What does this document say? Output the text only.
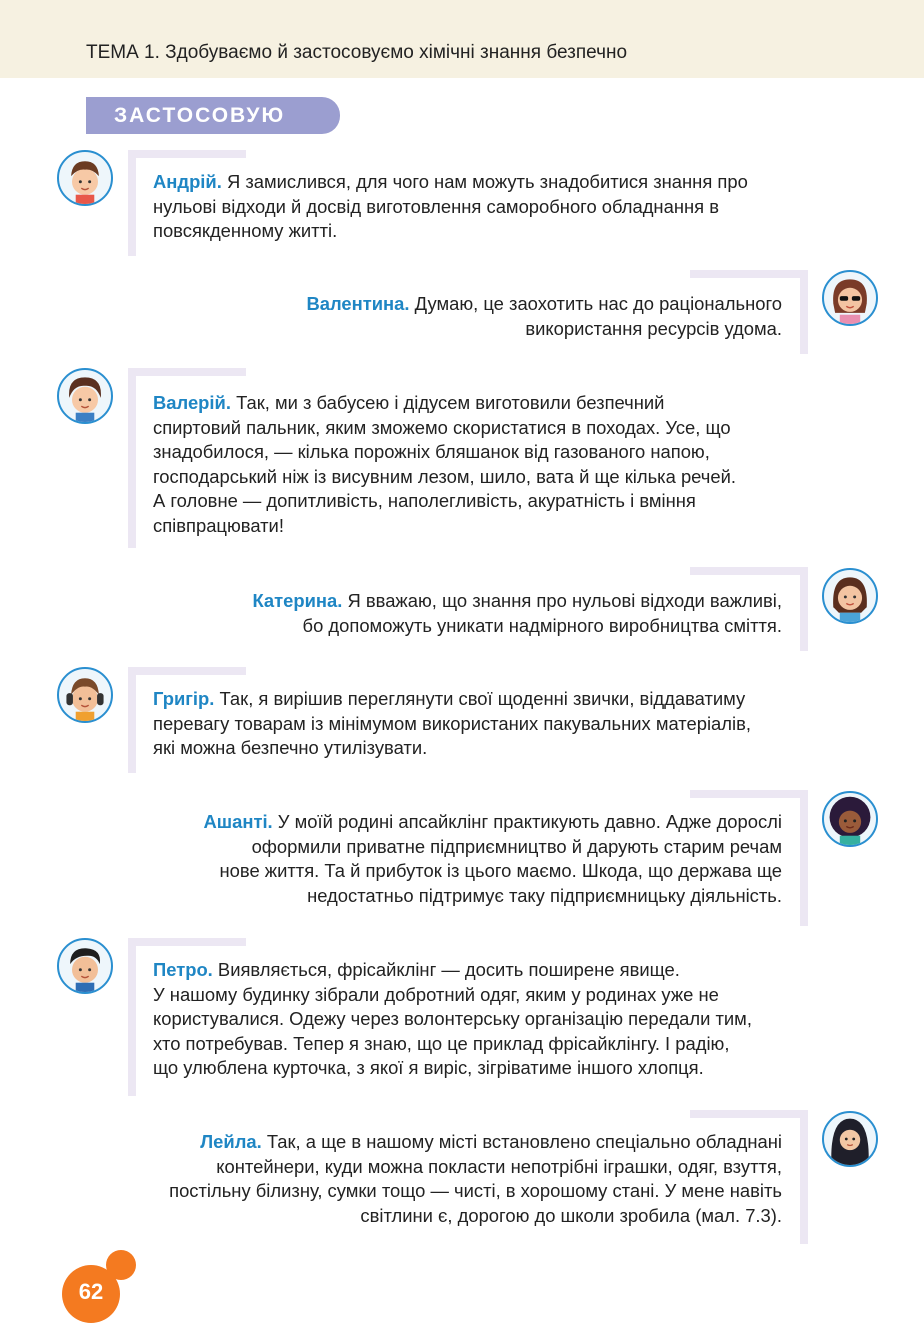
ТЕМА 1. Здобуваємо й застосовуємо хімічні знання безпечно
ЗАСТОСОВУЮ
Андрій. Я замислився, для чого нам можуть знадобитися знання про
нульові відходи й досвід виготовлення саморобного обладнання в
повсякденному житті.
Валентина. Думаю, це заохотить нас до раціонального
використання ресурсів удома.
Валерій. Так, ми з бабусею і дідусем виготовили безпечний
спиртовий пальник, яким зможемо скористатися в походах. Усе, що
знадобилося, — кілька порожніх бляшанок від газованого напою,
господарський ніж із висувним лезом, шило, вата й ще кілька речей.
А головне — допитливість, наполегливість, акуратність і вміння
співпрацювати!
Катерина. Я вважаю, що знання про нульові відходи важливі,
бо допоможуть уникати надмірного виробництва сміття.
Григір. Так, я вирішив переглянути свої щоденні звички, віддаватиму
перевагу товарам із мінімумом використаних пакувальних матеріалів,
які можна безпечно утилізувати.
Ашанті. У моїй родині апсайклінг практикують давно. Адже дорослі
оформили приватне підприємництво й дарують старим речам
нове життя. Та й прибуток із цього маємо. Шкода, що держава ще
недостатньо підтримує таку підприємницьку діяльність.
Петро. Виявляється, фрісайклінг — досить поширене явище.
У нашому будинку зібрали добротний одяг, яким у родинах уже не
користувалися. Одежу через волонтерську організацію передали тим,
хто потребував. Тепер я знаю, що це приклад фрісайклінгу. І радію,
що улюблена курточка, з якої я виріс, зігріватиме іншого хлопця.
Лейла. Так, а ще в нашому місті встановлено спеціально обладнані
контейнери, куди можна покласти непотрібні іграшки, одяг, взуття,
постільну білизну, сумки тощо — чисті, в хорошому стані. У мене навіть
світлини є, дорогою до школи зробила (мал. 7.3).
62
